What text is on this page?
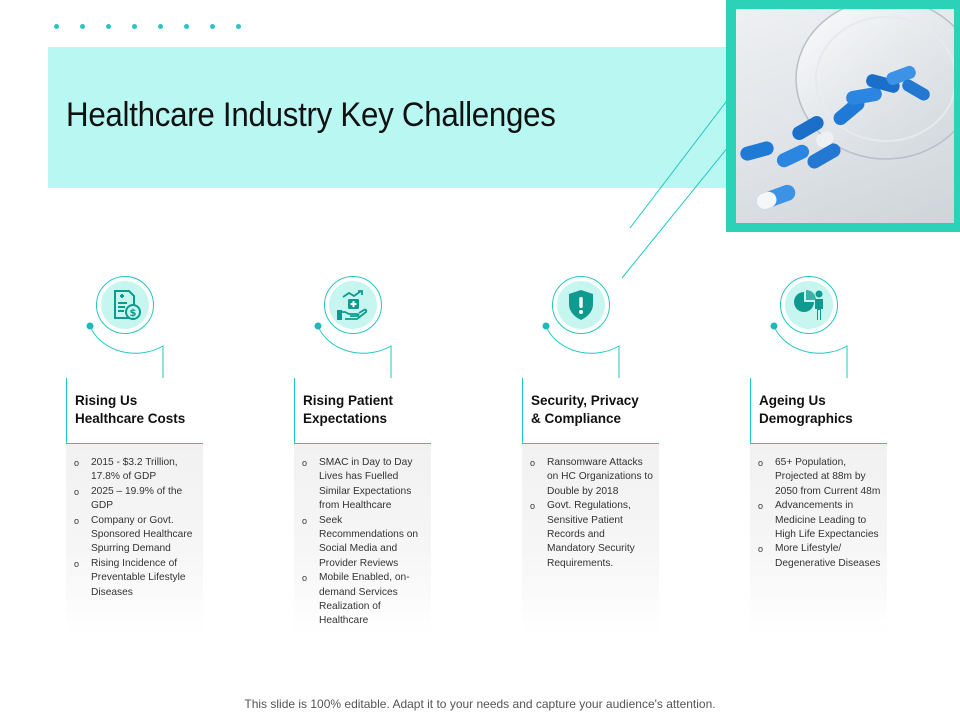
Healthcare Industry Key Challenges
$
Rising Us
Healthcare Costs
o 2015 - $3.2 Trillion, 17.8% of GDP
o 2025 – 19.9% of the GDP
o Company or Govt. Sponsored Healthcare Spurring Demand
o Rising Incidence of Preventable Lifestyle Diseases
Rising Patient
Expectations
o SMAC in Day to Day Lives has Fuelled Similar Expectations from Healthcare
o Seek Recommendations on Social Media and Provider Reviews
o Mobile Enabled, on-demand Services Realization of Healthcare
Security, Privacy
& Compliance
o Ransomware Attacks on HC Organizations to Double by 2018
o Govt. Regulations, Sensitive Patient Records and Mandatory Security Requirements.
Ageing Us
Demographics
o 65+ Population, Projected at 88m by 2050 from Current 48m
o Advancements in Medicine Leading to High Life Expectancies
o More Lifestyle/ Degenerative Diseases
This slide is 100% editable. Adapt it to your needs and capture your audience's attention.
